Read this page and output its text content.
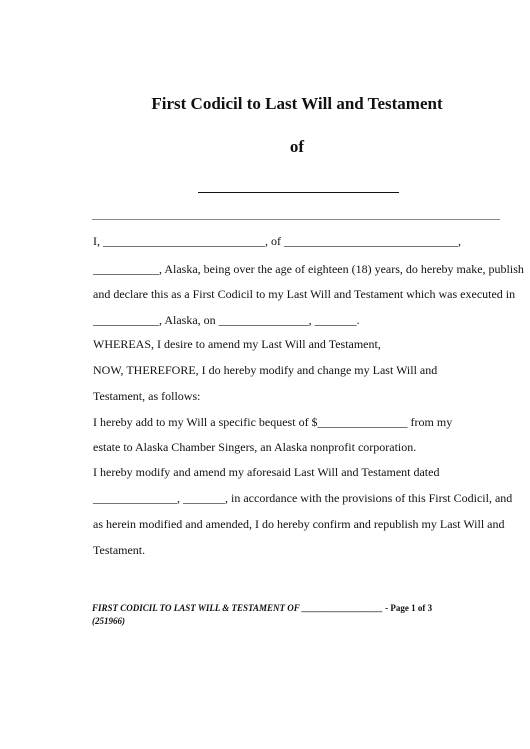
First Codicil to Last Will and Testament
of
I, ___________________________, of _____________________________,
___________, Alaska, being over the age of eighteen (18) years, do hereby make, publish
and declare this as a First Codicil to my Last Will and Testament which was executed in
___________, Alaska, on _______________, _______.
WHEREAS, I desire to amend my Last Will and Testament,
NOW, THEREFORE, I do hereby modify and change my Last Will and
Testament, as follows:
I hereby add to my Will a specific bequest of $_______________ from my
estate to Alaska Chamber Singers, an Alaska nonprofit corporation.
I hereby modify and amend my aforesaid Last Will and Testament dated
______________, _______, in accordance with the provisions of this First Codicil, and
as herein modified and amended, I do hereby confirm and republish my Last Will and
Testament.
FIRST CODICIL TO LAST WILL & TESTAMENT OF __________________ - Page 1 of 3
(251966)
